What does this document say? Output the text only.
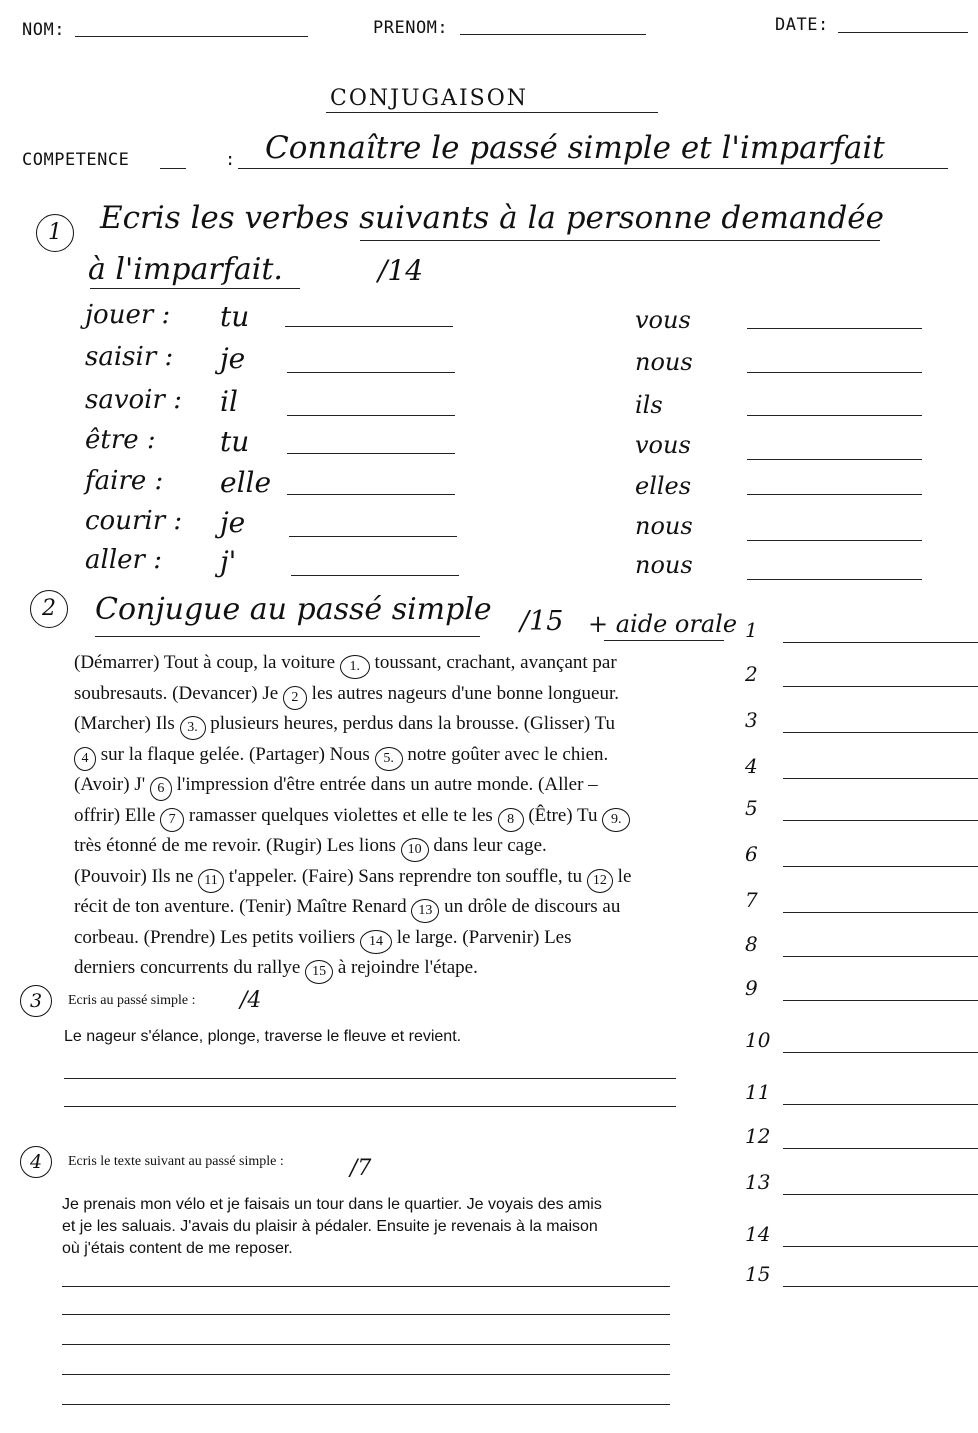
NOM:	PRENOM:	DATE:
CONJUGAISON
COMPETENCE	: Connaître le passé simple et l'imparfait
1	Ecris les verbes suivants à la personne demandée
à l'imparfait.	/14
jouer : tu	vous
saisir : je	nous
savoir : il	ils
être : tu	vous
faire : elle	elles
courir : je	nous
aller : j'	nous
2	Conjugue au passé simple /15 + aide orale
(Démarrer) Tout à coup, la voiture 1. toussant, crachant, avançant par
soubresauts. (Devancer) Je 2 les autres nageurs d'une bonne longueur.
(Marcher) Ils 3. plusieurs heures, perdus dans la brousse. (Glisser) Tu
4 sur la flaque gelée. (Partager) Nous 5. notre goûter avec le chien.
(Avoir) J' 6 l'impression d'être entrée dans un autre monde. (Aller –
offrir) Elle 7 ramasser quelques violettes et elle te les 8 (Être) Tu 9.
très étonné de me revoir. (Rugir) Les lions 10 dans leur cage.
(Pouvoir) Ils ne 11 t'appeler. (Faire) Sans reprendre ton souffle, tu 12 le
récit de ton aventure. (Tenir) Maître Renard 13 un drôle de discours au
corbeau. (Prendre) Les petits voiliers 14 le large. (Parvenir) Les
derniers concurrents du rallye 15 à rejoindre l'étape.
1
2
3
4
5
6
7
8
9
10
11
12
13
14
15
3	Ecris au passé simple : /4
Le nageur s'élance, plonge, traverse le fleuve et revient.
4	Ecris le texte suivant au passé simple :	/7
Je prenais mon vélo et je faisais un tour dans le quartier. Je voyais des amis
et je les saluais. J'avais du plaisir à pédaler. Ensuite je revenais à la maison
où j'étais content de me reposer.
